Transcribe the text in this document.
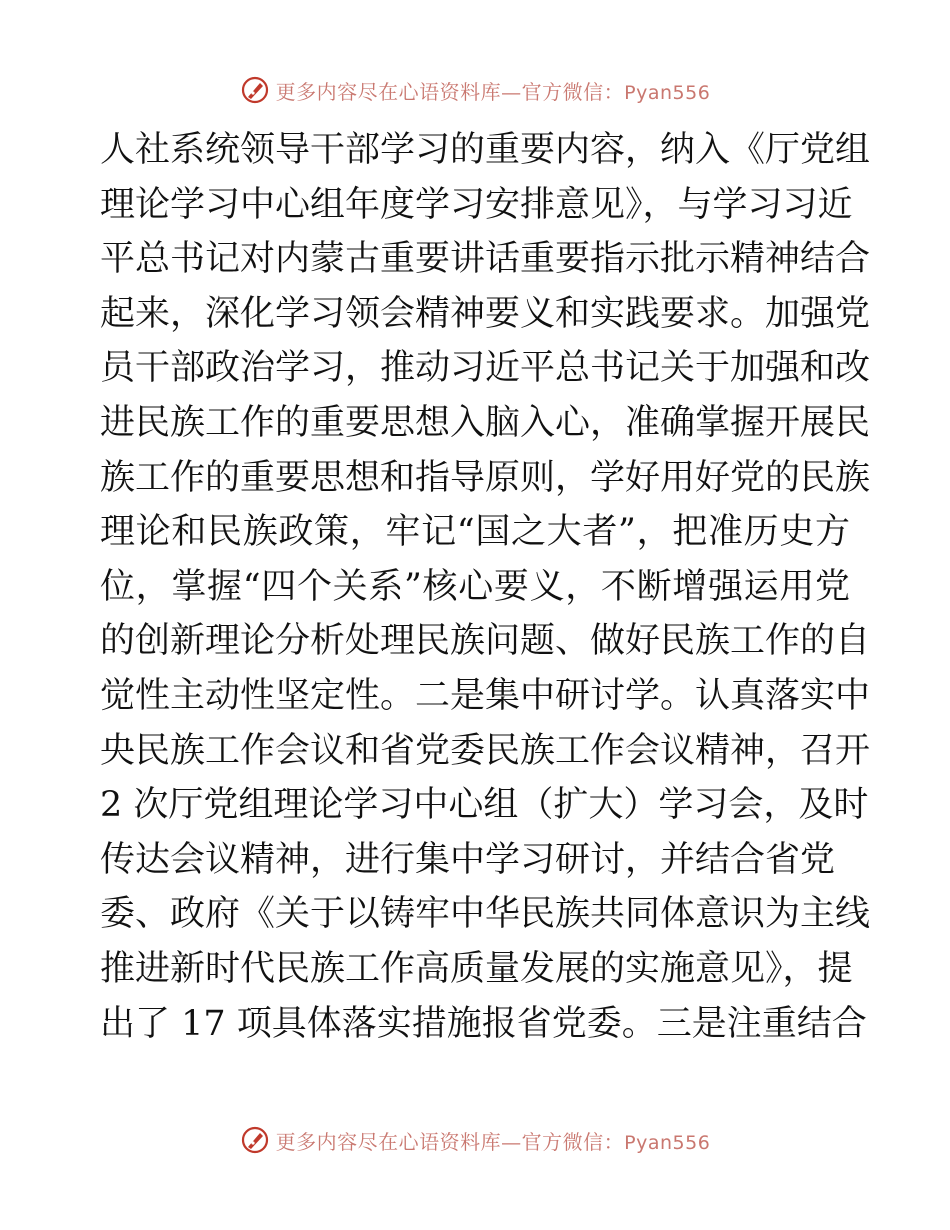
更多内容尽在心语资料库—官方微信：Pyan556
人社系统领导干部学习的重要内容，纳入《厅党组
理论学习中心组年度学习安排意见》，与学习习近
平总书记对内蒙古重要讲话重要指示批示精神结合
起来，深化学习领会精神要义和实践要求。加强党
员干部政治学习，推动习近平总书记关于加强和改
进民族工作的重要思想入脑入心，准确掌握开展民
族工作的重要思想和指导原则，学好用好党的民族
理论和民族政策，牢记“国之大者”，把准历史方
位，掌握“四个关系”核心要义，不断增强运用党
的创新理论分析处理民族问题、做好民族工作的自
觉性主动性坚定性。二是集中研讨学。认真落实中
央民族工作会议和省党委民族工作会议精神，召开
2 次厅党组理论学习中心组（扩大）学习会，及时
传达会议精神，进行集中学习研讨，并结合省党
委、政府《关于以铸牢中华民族共同体意识为主线
推进新时代民族工作高质量发展的实施意见》，提
出了 17 项具体落实措施报省党委。三是注重结合
更多内容尽在心语资料库—官方微信：Pyan556
